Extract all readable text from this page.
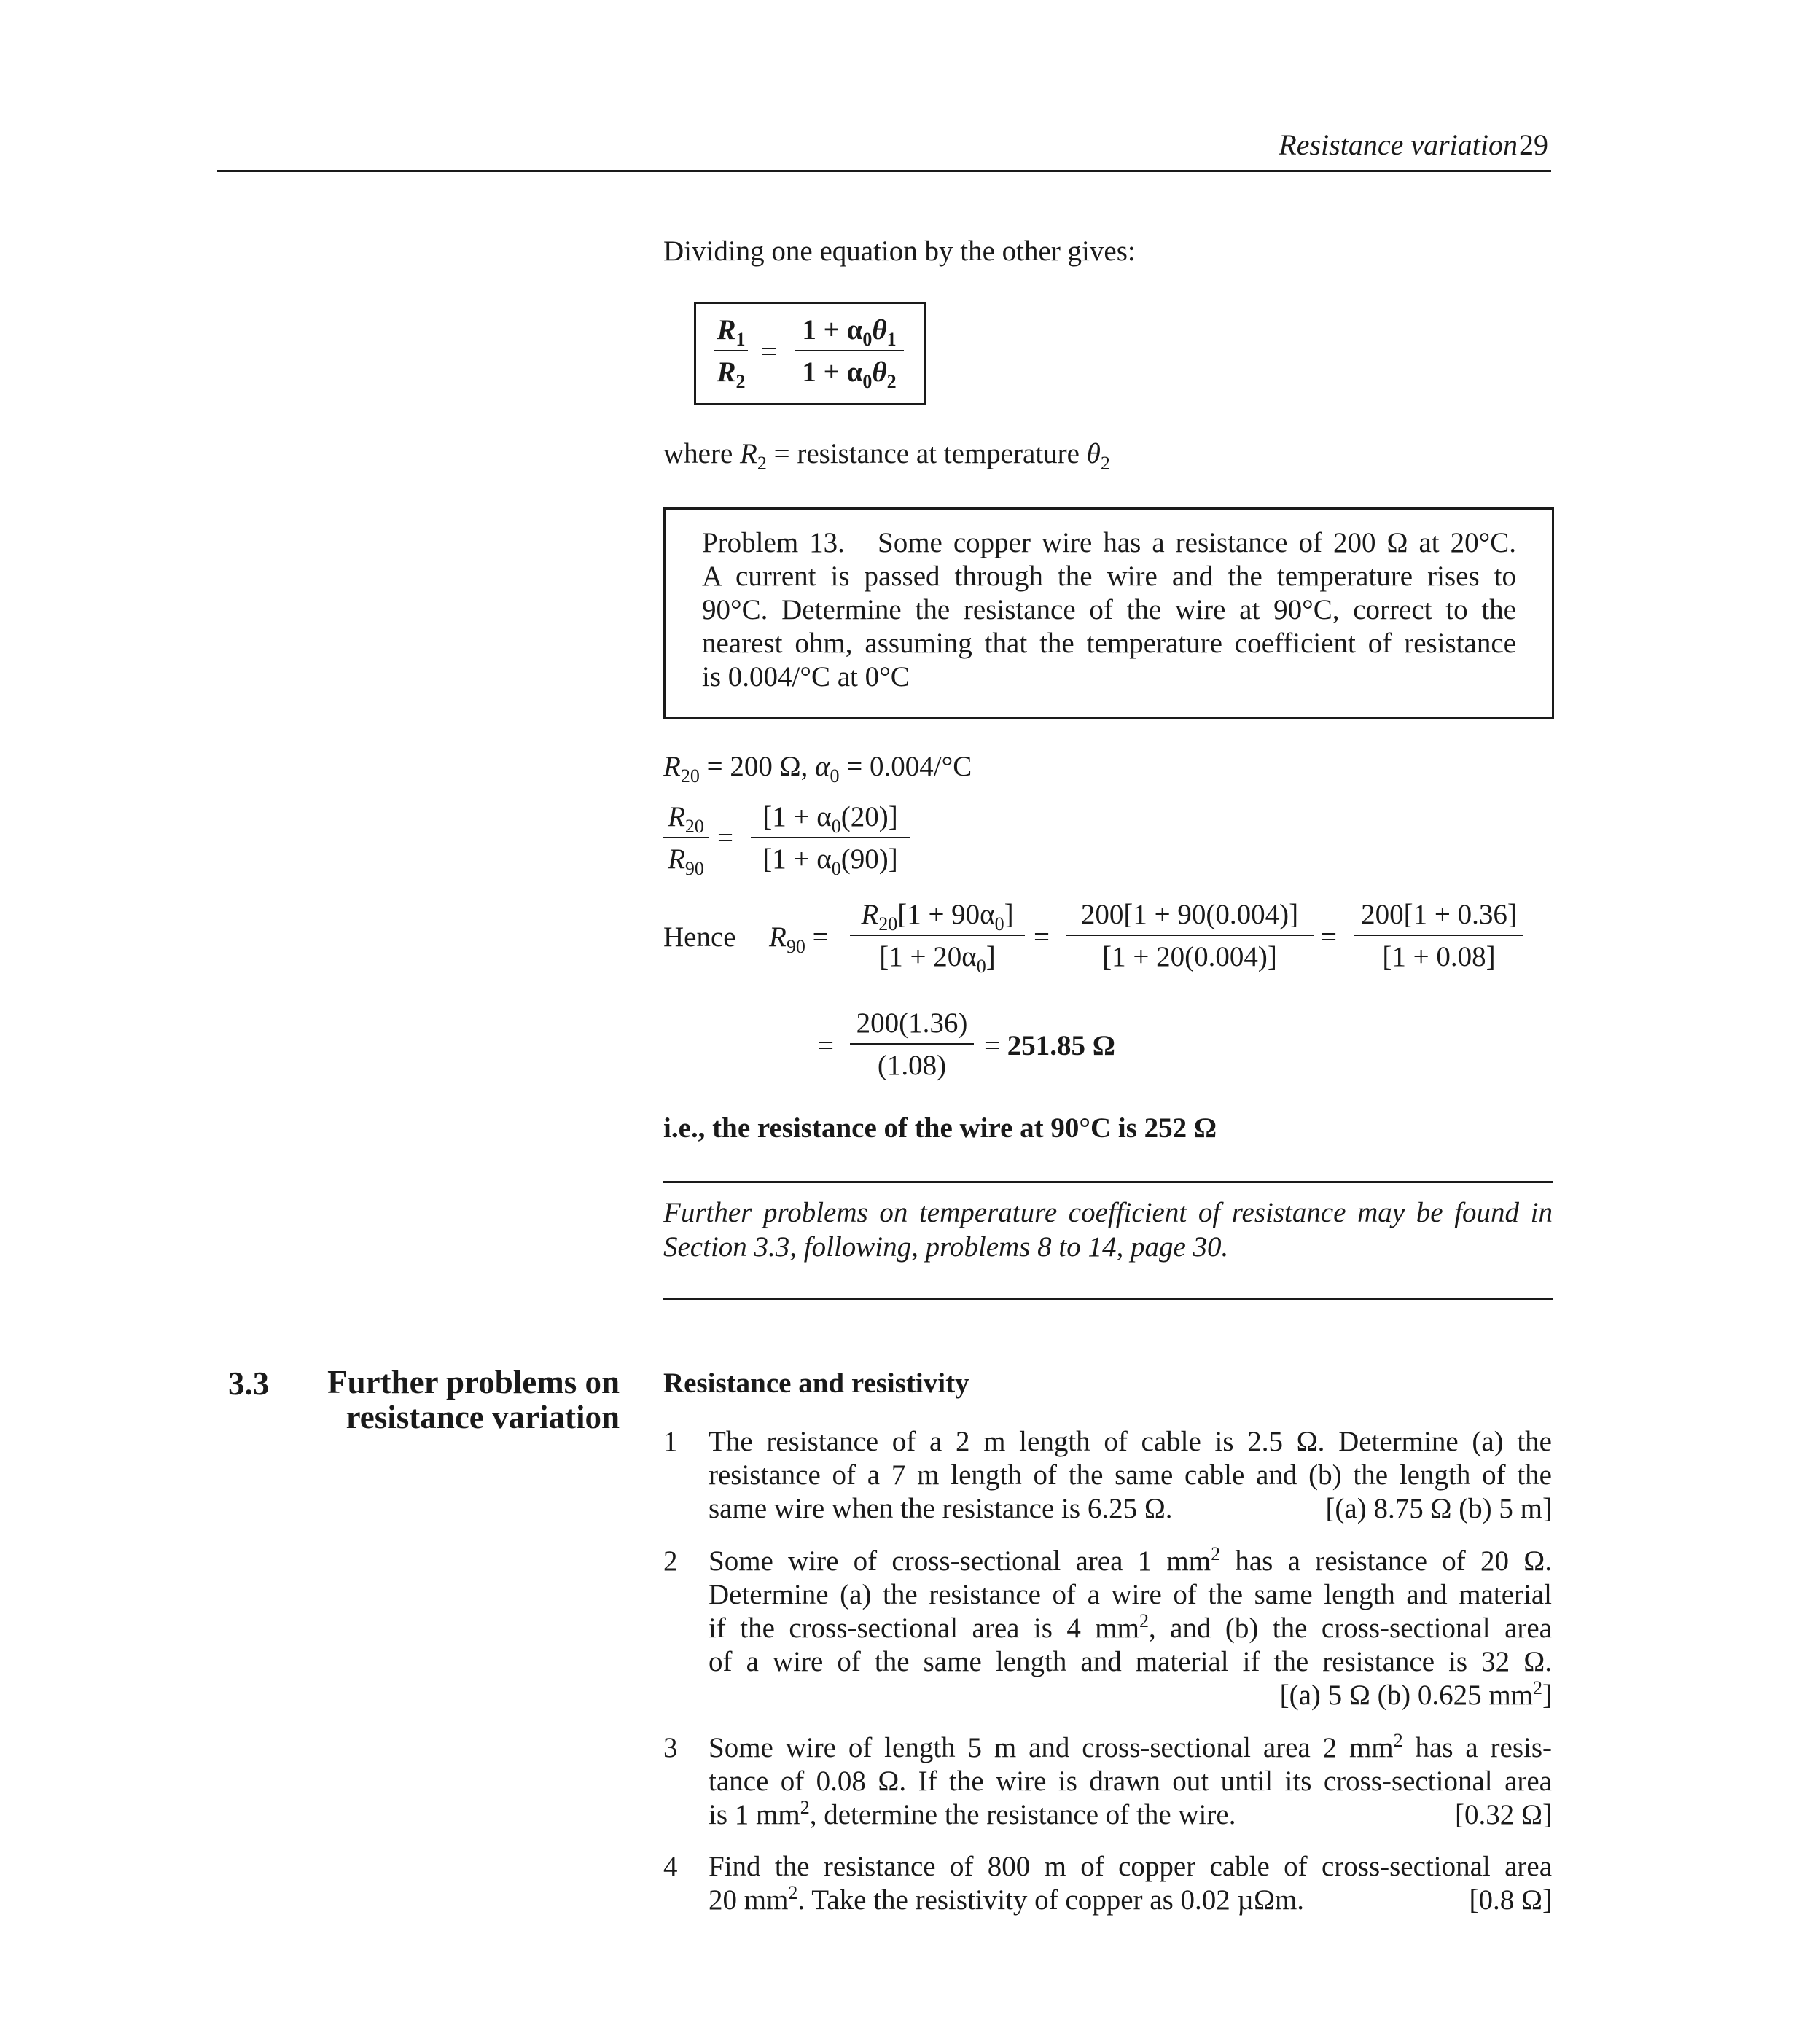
Resistance variation 29
Dividing one equation by the other gives:
$R_1$
$R_2$
=
$1 + \alpha_0\theta_1$
$1 + \alpha_0\theta_2$
where $R_2$ = resistance at temperature $\theta_2$
Problem 13. Some copper wire has a resistance of 200 Ω at 20°C.
A current is passed through the wire and the temperature rises to
90°C. Determine the resistance of the wire at 90°C, correct to the
nearest ohm, assuming that the temperature coefficient of resistance
is 0.004/°C at 0°C
$R_{20} = 200$ Ω, $\alpha_0 = 0.004/^\circ C$
$R_{20}$
$R_{90}$
=
$[1 + \alpha_0(20)]$
$[1 + \alpha_0(90)]$
Hence $R_{90}$ =
$R_{20}[1 + 90\alpha_0]$
$[1 + 20\alpha_0]$
=
200[1 + 90(0.004)]
[1 + 20(0.004)]
=
200[1 + 0.36]
[1 + 0.08]
=
200(1.36)
(1.08)
= 251.85 Ω
i.e., the resistance of the wire at 90°C is 252 Ω
Further problems on temperature coefficient of resistance may be found in Section 3.3, following, problems 8 to 14, page 30.
3.3	Further problems on resistance variation
Resistance and resistivity
1 The resistance of a 2 m length of cable is 2.5 Ω. Determine (a) the
resistance of a 7 m length of the same cable and (b) the length of the
same wire when the resistance is 6.25 Ω.	[(a) 8.75 Ω (b) 5 m]
2 Some wire of cross-sectional area 1 $mm^2$ has a resistance of 20 Ω.
Determine (a) the resistance of a wire of the same length and material
if the cross-sectional area is 4 $mm^2$, and (b) the cross-sectional area
of a wire of the same length and material if the resistance is 32 Ω.
[(a) 5 Ω (b) 0.625 $mm^2$]
3 Some wire of length 5 m and cross-sectional area 2 $mm^2$ has a resis-
tance of 0.08 Ω. If the wire is drawn out until its cross-sectional area
is 1 $mm^2$, determine the resistance of the wire.	[0.32 Ω]
4 Find the resistance of 800 m of copper cable of cross-sectional area
20 $mm^2$. Take the resistivity of copper as 0.02 µΩm.	[0.8 Ω]
